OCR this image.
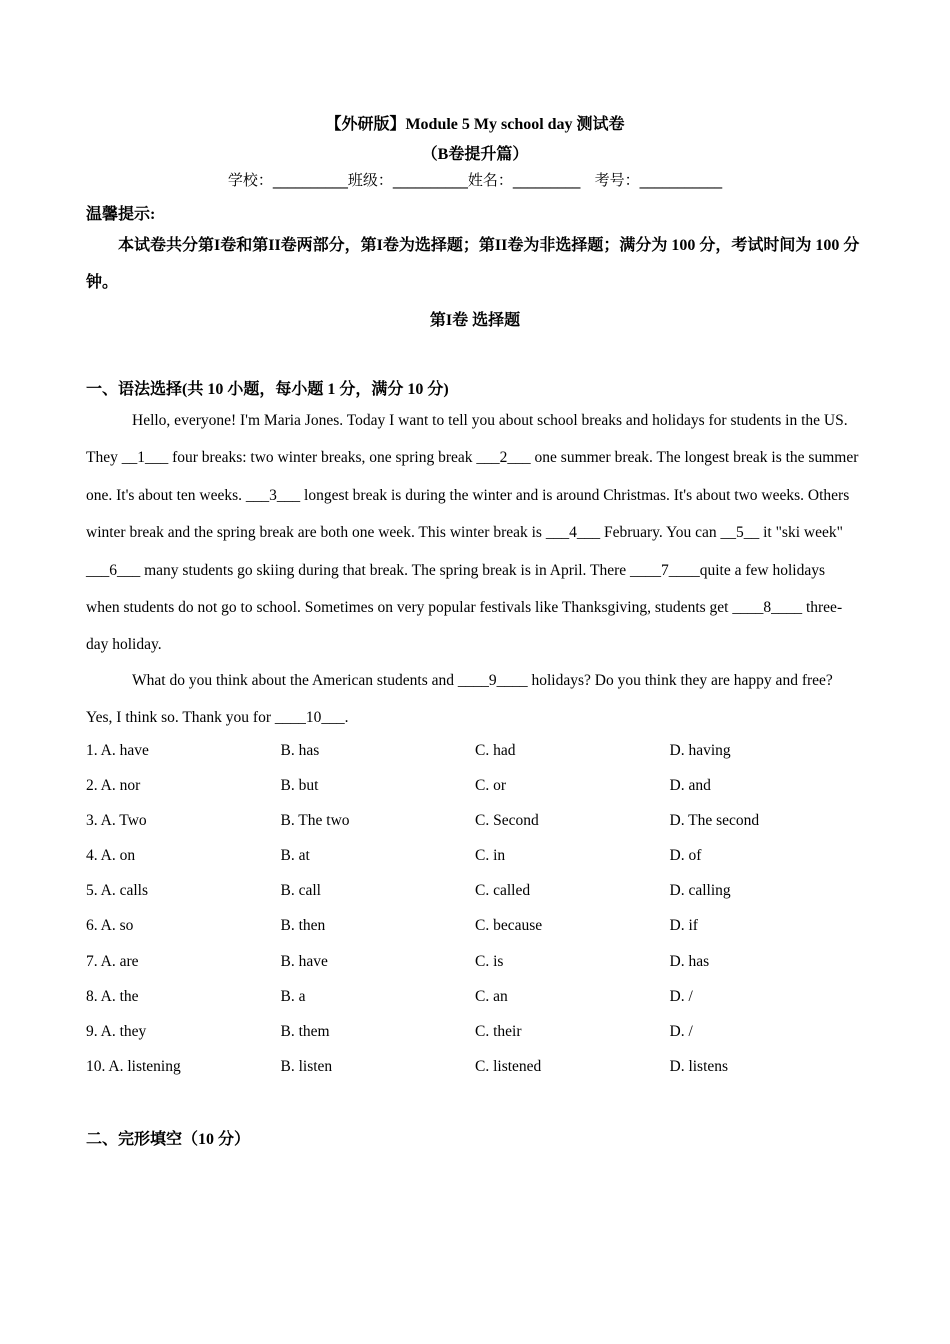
【外研版】Module 5 My school day 测试卷
（B卷提升篇）
学校：__________班级：__________姓名：_________   考号：___________
温馨提示:
本试卷共分第I卷和第II卷两部分，第I卷为选择题；第II卷为非选择题；满分为 100 分，考试时间为 100 分钟。
第I卷 选择题
一、语法选择(共 10 小题，每小题 1 分，满分 10 分)

Hello, everyone! I'm Maria Jones. Today I want to tell you about school breaks and holidays for students in the US. They __1___ four breaks: two winter breaks, one spring break ___2___ one summer break. The longest break is the summer one. It's about ten weeks. ___3___ longest break is during the winter and is around Christmas. It's about two weeks. Others winter break and the spring break are both one week. This winter break is ___4___ February. You can __5__ it "ski week" ___6___ many students go skiing during that break. The spring break is in April. There ____7____quite a few holidays when students do not go to school. Sometimes on very popular festivals like Thanksgiving, students get ____8____ three-day holiday.

What do you think about the American students and ____9____ holidays? Do you think they are happy and free? Yes, I think so. Thank you for ____10___.

1. A. have	B. has	C. had	D. having
2. A. nor	B. but	C. or	D. and
3. A. Two	B. The two	C. Second	D. The second
4. A. on	B. at	C. in	D. of
5. A. calls	B. call	C. called	D. calling
6. A. so	B. then	C. because	D. if
7. A. are	B. have	C. is	D. has
8. A. the	B. a	C. an	D. /
9. A. they	B. them	C. their	D. /
10. A. listening	B. listen	C. listened	D. listens
二、完形填空（10 分）
